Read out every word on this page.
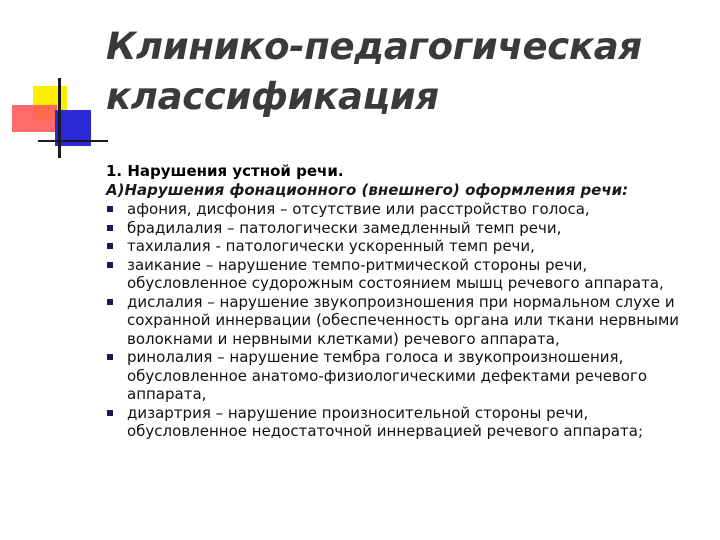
Клинико-педагогическая классификация

1. Нарушения устной речи.

А)Нарушения фонационного (внешнего) оформления речи:

афония, дисфония – отсутствие или расстройство голоса,
брадилалия – патологически замедленный темп речи,
тахилалия - патологически ускоренный темп речи,
заикание – нарушение темпо-ритмической стороны речи, обусловленное судорожным состоянием мышц речевого аппарата,
дислалия – нарушение звукопроизношения при нормальном слухе и сохранной иннервации (обеспеченность органа или ткани нервными волокнами и нервными клетками) речевого аппарата,
ринолалия – нарушение тембра голоса и звукопроизношения, обусловленное анатомо-физиологическими дефектами речевого аппарата,
дизартрия – нарушение произносительной стороны речи, обусловленное недостаточной иннервацией речевого аппарата;
